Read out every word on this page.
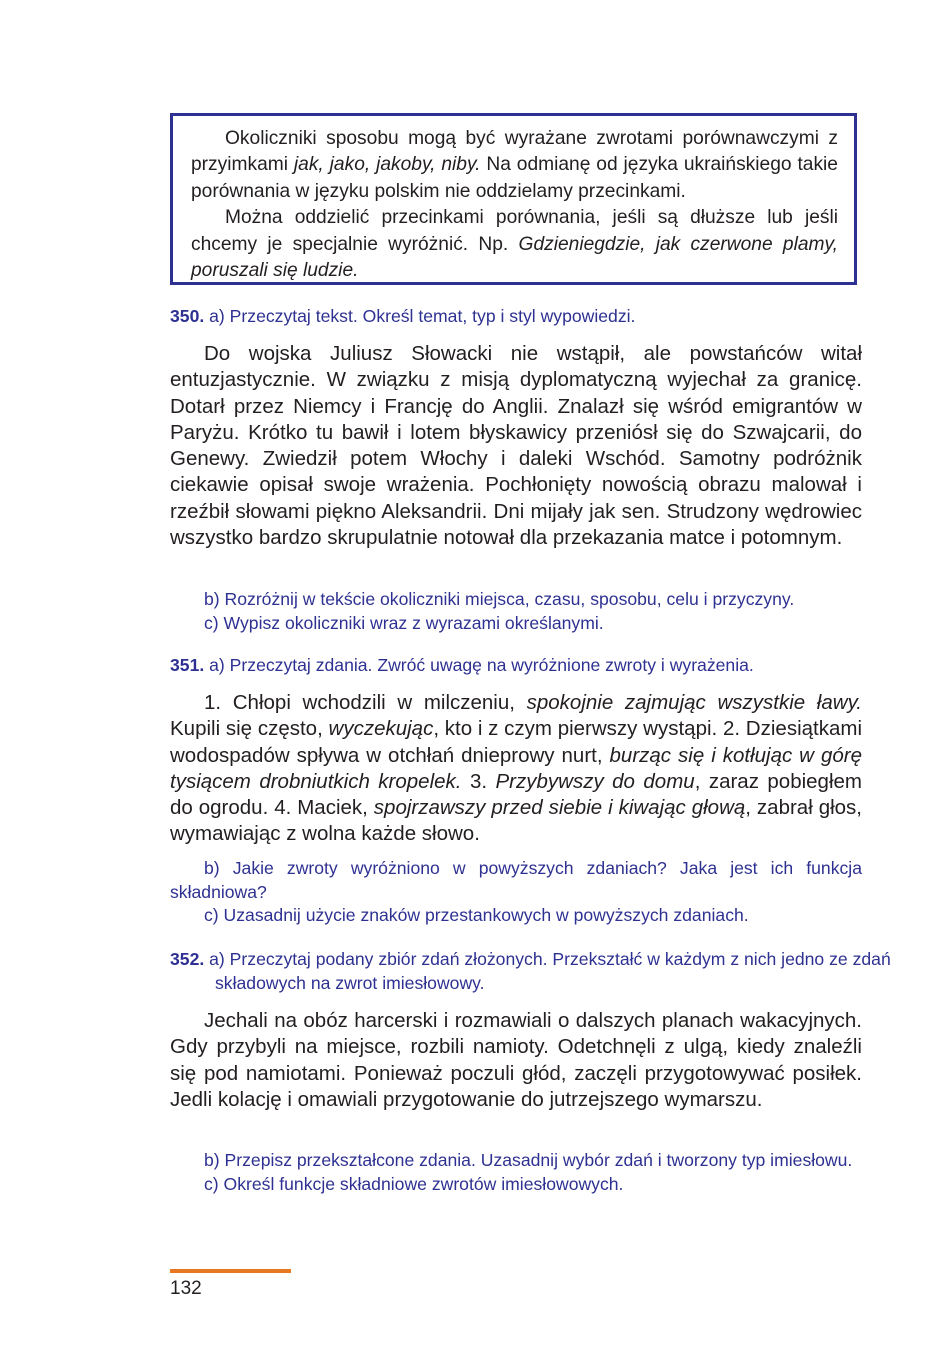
Okoliczniki sposobu mogą być wyrażane zwrotami porównawczymi z przyimkami jak, jako, jakoby, niby. Na odmianę od języka ukraińskiego takie porównania w języku polskim nie oddzielamy przecinkami.

Można oddzielić przecinkami porównania, jeśli są dłuższe lub jeśli chcemy je specjalnie wyróżnić. Np. Gdzieniegdzie, jak czerwone plamy, poruszali się ludzie.

350. a) Przeczytaj tekst. Określ temat, typ i styl wypowiedzi.

Do wojska Juliusz Słowacki nie wstąpił, ale powstańców witał entuzjastycznie. W związku z misją dyplomatyczną wyjechał za granicę. Dotarł przez Niemcy i Francję do Anglii. Znalazł się wśród emigrantów w Paryżu. Krótko tu bawił i lotem błyskawicy przeniósł się do Szwajcarii, do Genewy. Zwiedził potem Włochy i daleki Wschód. Samotny podróżnik ciekawie opisał swoje wrażenia. Pochłonięty nowością obrazu malował i rzeźbił słowami piękno Aleksandrii. Dni mijały jak sen. Strudzony wędrowiec wszystko bardzo skrupulatnie notował dla przekazania matce i potomnym.

b) Rozróżnij w tekście okoliczniki miejsca, czasu, sposobu, celu i przyczyny.

c) Wypisz okoliczniki wraz z wyrazami określanymi.

351. a) Przeczytaj zdania. Zwróć uwagę na wyróżnione zwroty i wyrażenia.

1. Chłopi wchodzili w milczeniu, spokojnie zajmując wszystkie ławy. Kupili się często, wyczekując, kto i z czym pierwszy wystąpi. 2. Dziesiątkami wodospadów spływa w otchłań dnieprowy nurt, burząc się i kotłując w górę tysiącem drobniutkich kropelek. 3. Przybywszy do domu, zaraz pobiegłem do ogrodu. 4. Maciek, spojrzawszy przed siebie i kiwając głową, zabrał głos, wymawiając z wolna każde słowo.

b) Jakie zwroty wyróżniono w powyższych zdaniach? Jaka jest ich funkcja składniowa?

c) Uzasadnij użycie znaków przestankowych w powyższych zdaniach.

352. a) Przeczytaj podany zbiór zdań złożonych. Przekształć w każdym z nich jedno ze zdań składowych na zwrot imiesłowowy.

Jechali na obóz harcerski i rozmawiali o dalszych planach wakacyjnych. Gdy przybyli na miejsce, rozbili namioty. Odetchnęli z ulgą, kiedy znaleźli się pod namiotami. Ponieważ poczuli głód, zaczęli przygotowywać posiłek. Jedli kolację i omawiali przygotowanie do jutrzejszego wymarszu.

b) Przepisz przekształcone zdania. Uzasadnij wybór zdań i tworzony typ imiesłowu.

c) Określ funkcje składniowe zwrotów imiesłowowych.

132
